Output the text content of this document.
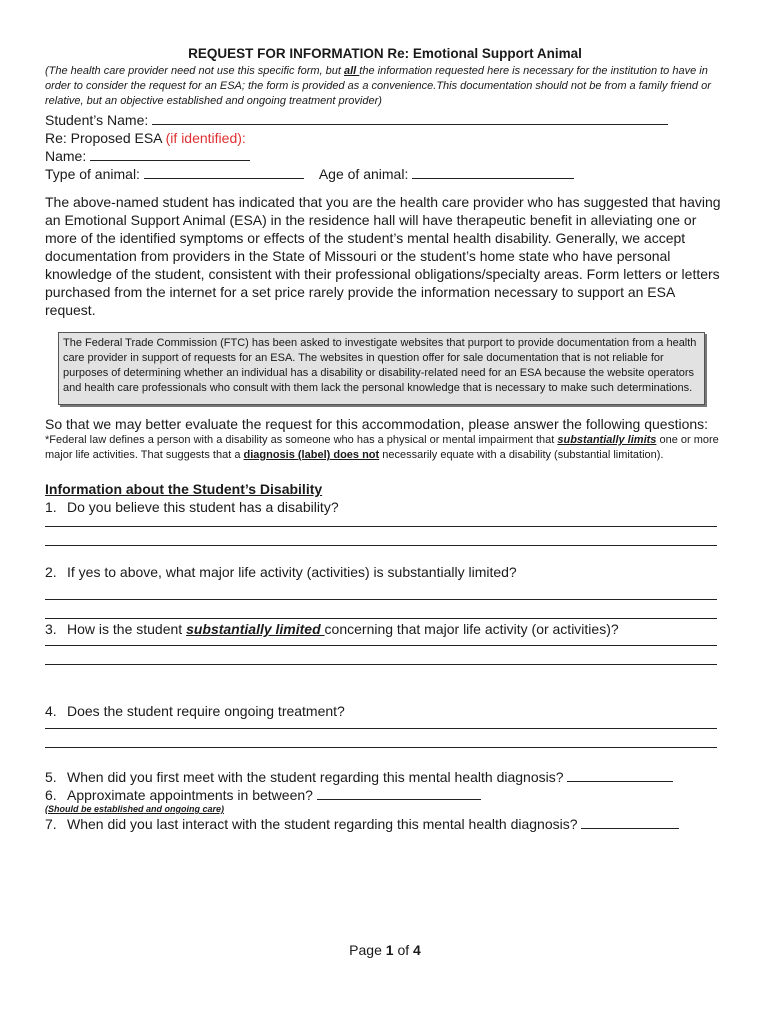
REQUEST FOR INFORMATION Re: Emotional Support Animal

(The health care provider need not use this specific form, but all the information requested here is necessary for the institution to have in order to consider the request for an ESA; the form is provided as a convenience.This documentation should not be from a family friend or relative, but an objective established and ongoing treatment provider)

Student’s Name:
Re: Proposed ESA (if identified):
Name:
Type of animal:	Age of animal:

The above-named student has indicated that you are the health care provider who has suggested that having an Emotional Support Animal (ESA) in the residence hall will have therapeutic benefit in alleviating one or more of the identified symptoms or effects of the student’s mental health disability. Generally, we accept documentation from providers in the State of Missouri or the student’s home state who have personal knowledge of the student, consistent with their professional obligations/specialty areas. Form letters or letters purchased from the internet for a set price rarely provide the information necessary to support an ESA request.

The Federal Trade Commission (FTC) has been asked to investigate websites that purport to provide documentation from a health care provider in support of requests for an ESA. The websites in question offer for sale documentation that is not reliable for purposes of determining whether an individual has a disability or disability-related need for an ESA because the website operators and health care professionals who consult with them lack the personal knowledge that is necessary to make such determinations.

So that we may better evaluate the request for this accommodation, please answer the following questions:

*Federal law defines a person with a disability as someone who has a physical or mental impairment that substantially limits one or more major life activities. That suggests that a diagnosis (label) does not necessarily equate with a disability (substantial limitation).

Information about the Student’s Disability
1. Do you believe this student has a disability?
2. If yes to above, what major life activity (activities) is substantially limited?
3. How is the student substantially limited concerning that major life activity (or activities)?
4. Does the student require ongoing treatment?
5. When did you first meet with the student regarding this mental health diagnosis?
6. Approximate appointments in between?
(Should be established and ongoing care)
7. When did you last interact with the student regarding this mental health diagnosis?
Page 1 of 4
